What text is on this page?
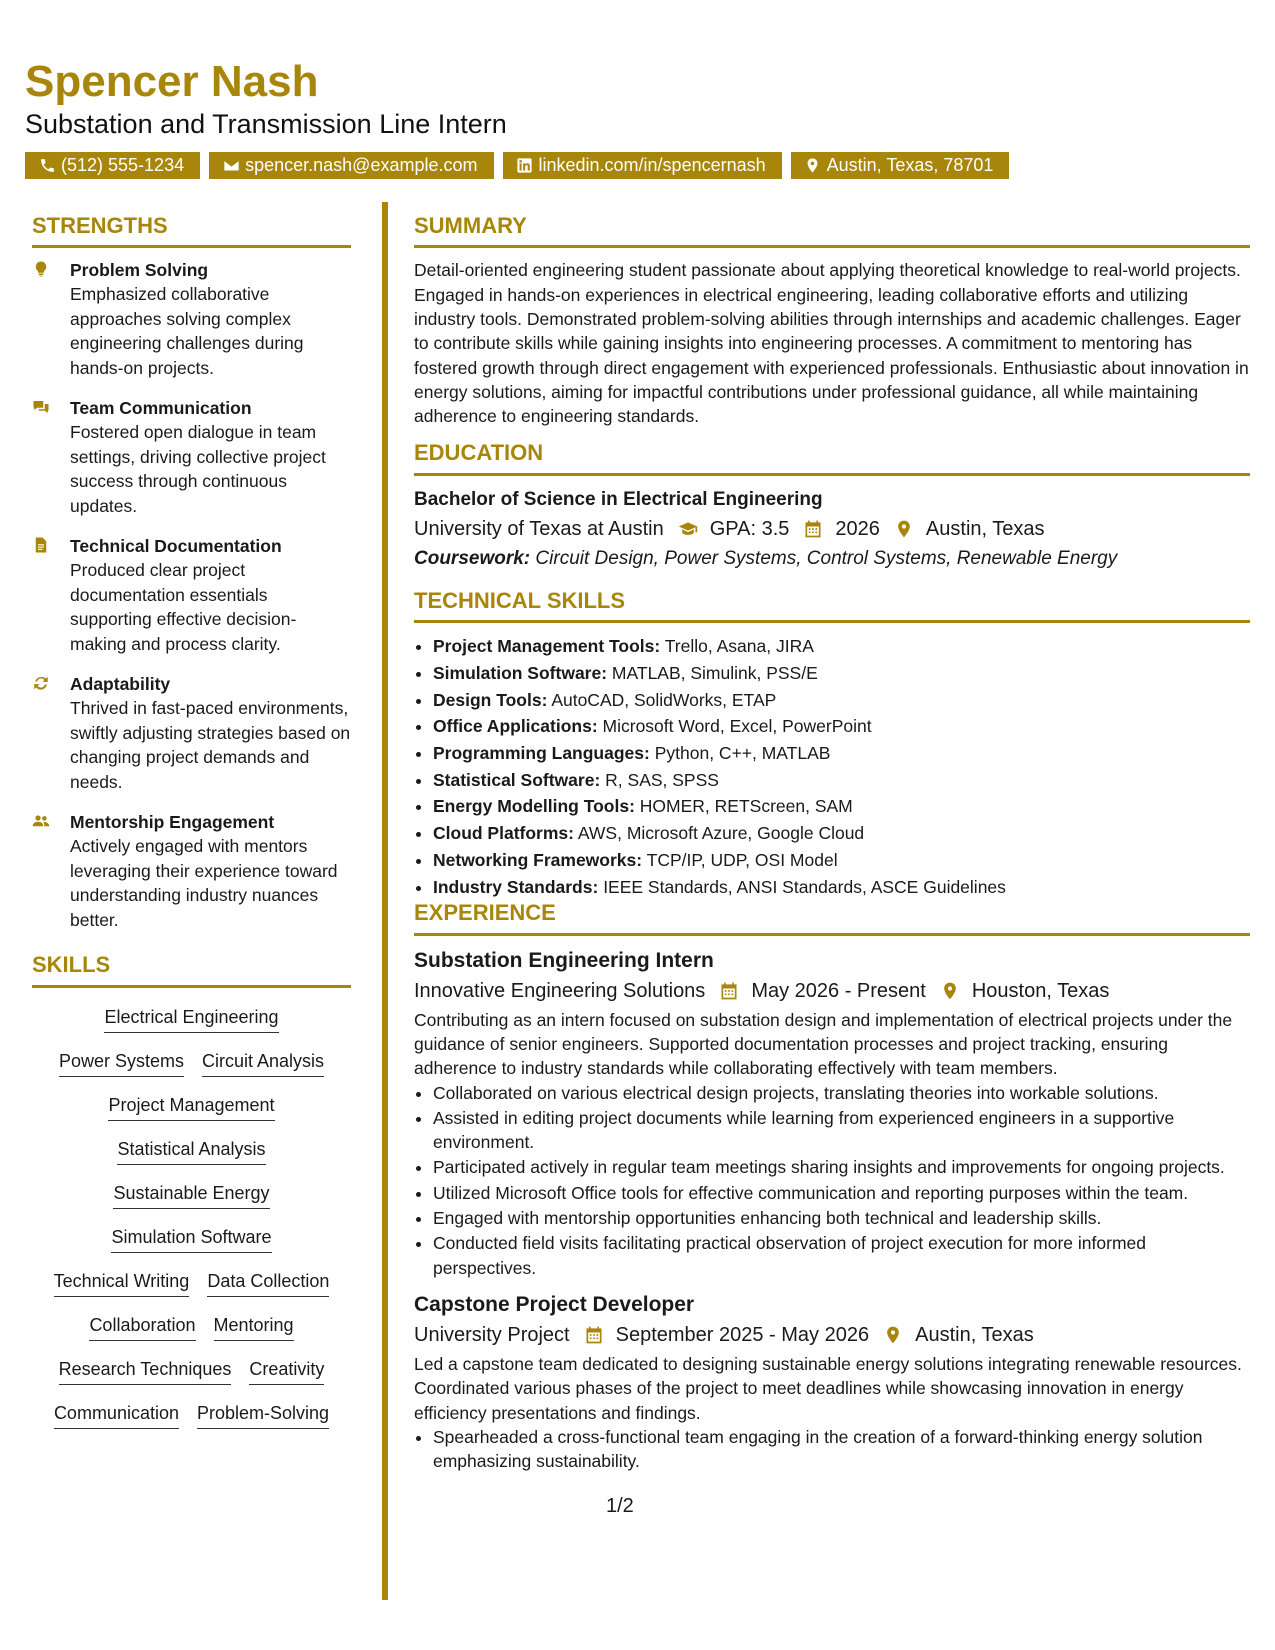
Spencer Nash
Substation and Transmission Line Intern
(512) 555-1234	spencer.nash@example.com	linkedin.com/in/spencernash	Austin, Texas, 78701
STRENGTHS
Problem Solving
Emphasized collaborative approaches solving complex engineering challenges during hands-on projects.
Team Communication
Fostered open dialogue in team settings, driving collective project success through continuous updates.
Technical Documentation
Produced clear project documentation essentials supporting effective decision-making and process clarity.
Adaptability
Thrived in fast-paced environments, swiftly adjusting strategies based on changing project demands and needs.
Mentorship Engagement
Actively engaged with mentors leveraging their experience toward understanding industry nuances better.
SKILLS
Electrical Engineering
Power Systems Circuit Analysis
Project Management
Statistical Analysis
Sustainable Energy
Simulation Software
Technical Writing Data Collection
Collaboration Mentoring
Research Techniques Creativity
Communication Problem-Solving
SUMMARY

Detail-oriented engineering student passionate about applying theoretical knowledge to real-world projects. Engaged in hands-on experiences in electrical engineering, leading collaborative efforts and utilizing industry tools. Demonstrated problem-solving abilities through internships and academic challenges. Eager to contribute skills while gaining insights into engineering processes. A commitment to mentoring has fostered growth through direct engagement with experienced professionals. Enthusiastic about innovation in energy solutions, aiming for impactful contributions under professional guidance, all while maintaining adherence to engineering standards.

EDUCATION
Bachelor of Science in Electrical Engineering
University of Texas at Austin GPA: 3.5 2026 Austin, Texas
Coursework: Circuit Design, Power Systems, Control Systems, Renewable Energy
TECHNICAL SKILLS
• Project Management Tools: Trello, Asana, JIRA
• Simulation Software: MATLAB, Simulink, PSS/E
• Design Tools: AutoCAD, SolidWorks, ETAP
• Office Applications: Microsoft Word, Excel, PowerPoint
• Programming Languages: Python, C++, MATLAB
• Statistical Software: R, SAS, SPSS
• Energy Modelling Tools: HOMER, RETScreen, SAM
• Cloud Platforms: AWS, Microsoft Azure, Google Cloud
• Networking Frameworks: TCP/IP, UDP, OSI Model
• Industry Standards: IEEE Standards, ANSI Standards, ASCE Guidelines
EXPERIENCE
Substation Engineering Intern
Innovative Engineering Solutions May 2026 - Present Houston, Texas
Contributing as an intern focused on substation design and implementation of electrical projects under the guidance of senior engineers. Supported documentation processes and project tracking, ensuring adherence to industry standards while collaborating effectively with team members.
• Collaborated on various electrical design projects, translating theories into workable solutions.
• Assisted in editing project documents while learning from experienced engineers in a supportive environment.
• Participated actively in regular team meetings sharing insights and improvements for ongoing projects.
• Utilized Microsoft Office tools for effective communication and reporting purposes within the team.
• Engaged with mentorship opportunities enhancing both technical and leadership skills.
• Conducted field visits facilitating practical observation of project execution for more informed perspectives.
Capstone Project Developer
University Project September 2025 - May 2026 Austin, Texas
Led a capstone team dedicated to designing sustainable energy solutions integrating renewable resources. Coordinated various phases of the project to meet deadlines while showcasing innovation in energy efficiency presentations and findings.
• Spearheaded a cross-functional team engaging in the creation of a forward-thinking energy solution emphasizing sustainability.
1/2
